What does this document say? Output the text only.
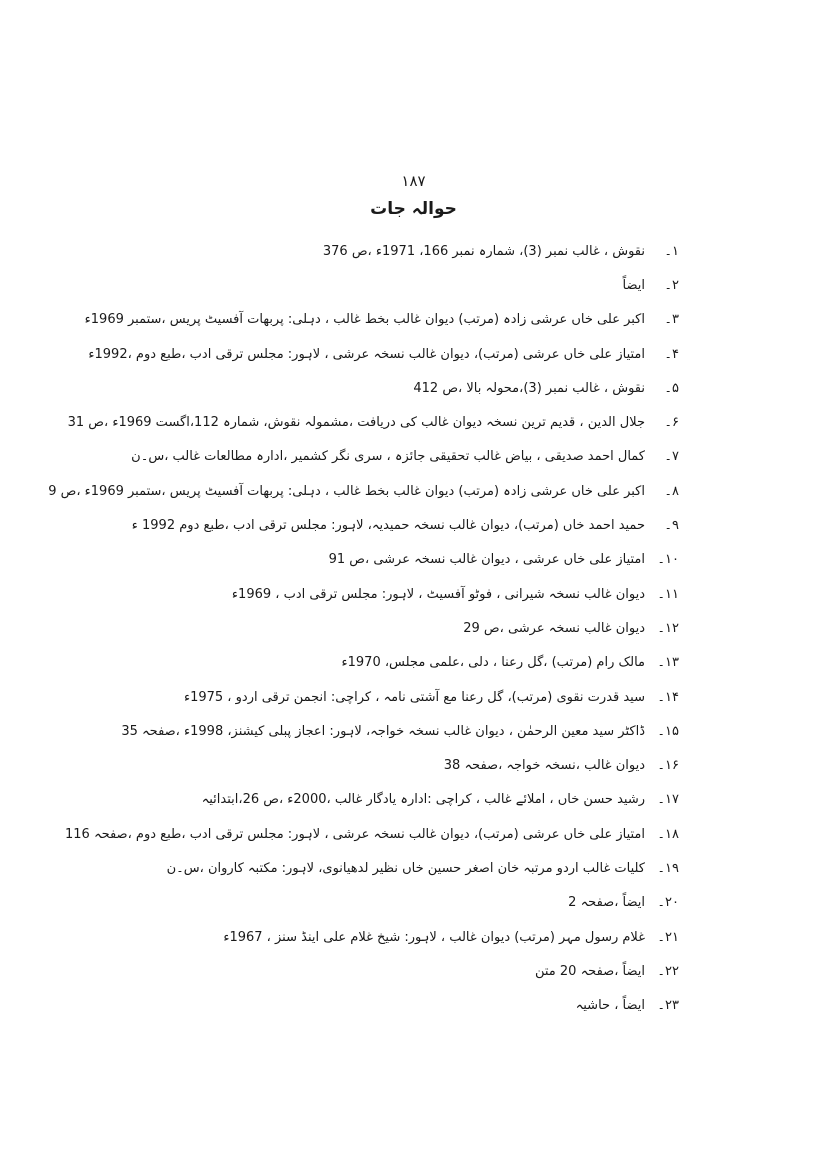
۱۸۷
حوالہ جات
۱۔
نقوش ، غالب نمبر (3)، شمارہ نمبر 166، 1971ء ،ص 376
۲۔
ایضاً
۳۔
اکبر علی خاں عرشی زادہ (مرتب) دیوان غالب بخط غالب ، دہلی: پربھات آفسیٹ پریس ،ستمبر 1969ء
۴۔
امتیاز علی خاں عرشی (مرتب)، دیوان غالب نسخہ عرشی ، لاہور: مجلس ترقی ادب ،طبع دوم ،1992ء
۵۔
نقوش ، غالب نمبر (3)،محولہ بالا ،ص 412
۶۔
جلال الدین ، قدیم ترین نسخہ دیوان غالب کی دریافت ،مشمولہ نقوش، شمارہ 112،اگست 1969ء ،ص 31
۷۔
کمال احمد صدیقی ، بیاض غالب تحقیقی جائزہ ، سری نگر کشمیر ،ادارہ مطالعات غالب ،س۔ن
۸۔
اکبر علی خاں عرشی زادہ (مرتب) دیوان غالب بخط غالب ، دہلی: پربھات آفسیٹ پریس ،ستمبر 1969ء ،ص 9
۹۔
حمید احمد خاں (مرتب)، دیوان غالب نسخہ حمیدیہ، لاہور: مجلس ترقی ادب ،طبع دوم 1992 ء
۱۰۔
امتیاز علی خاں عرشی ، دیوان غالب نسخہ عرشی ،ص 91
۱۱۔
دیوان غالب نسخہ شیرانی ، فوٹو آفسیٹ ، لاہور: مجلس ترقی ادب ، 1969ء
۱۲۔
دیوان غالب نسخہ عرشی ،ص 29
۱۳۔
مالک رام (مرتب) ،گل رعنا ، دلی ،علمی مجلس، 1970ء
۱۴۔
سید قدرت نقوی (مرتب)، گل رعنا مع آشتی نامہ ، کراچی: انجمن ترقی اردو ، 1975ء
۱۵۔
ڈاکٹر سید معین الرحمٰن ، دیوان غالب نسخہ خواجہ، لاہور: اعجاز پبلی کیشنز، 1998ء ،صفحہ 35
۱۶۔
دیوان غالب ،نسخہ خواجہ ،صفحہ 38
۱۷۔
رشید حسن خاں ، املائے غالب ، کراچی :ادارہ یادگار غالب ،2000ء ،ص 26،ابتدائیہ
۱۸۔
امتیاز علی خاں عرشی (مرتب)، دیوان غالب نسخہ عرشی ، لاہور: مجلس ترقی ادب ،طبع دوم ،صفحہ 116
۱۹۔
کلیات غالب اردو مرتبہ خان اصغر حسین خاں نظیر لدھیانوی، لاہور: مکتبہ کاروان ،س۔ن
۲۰۔
ایضاً ،صفحہ 2
۲۱۔
غلام رسول مہر (مرتب) دیوان غالب ، لاہور: شیخ غلام علی اینڈ سنز ، 1967ء
۲۲۔
ایضاً ،صفحہ 20 متن
۲۳۔
ایضاً ، حاشیہ
